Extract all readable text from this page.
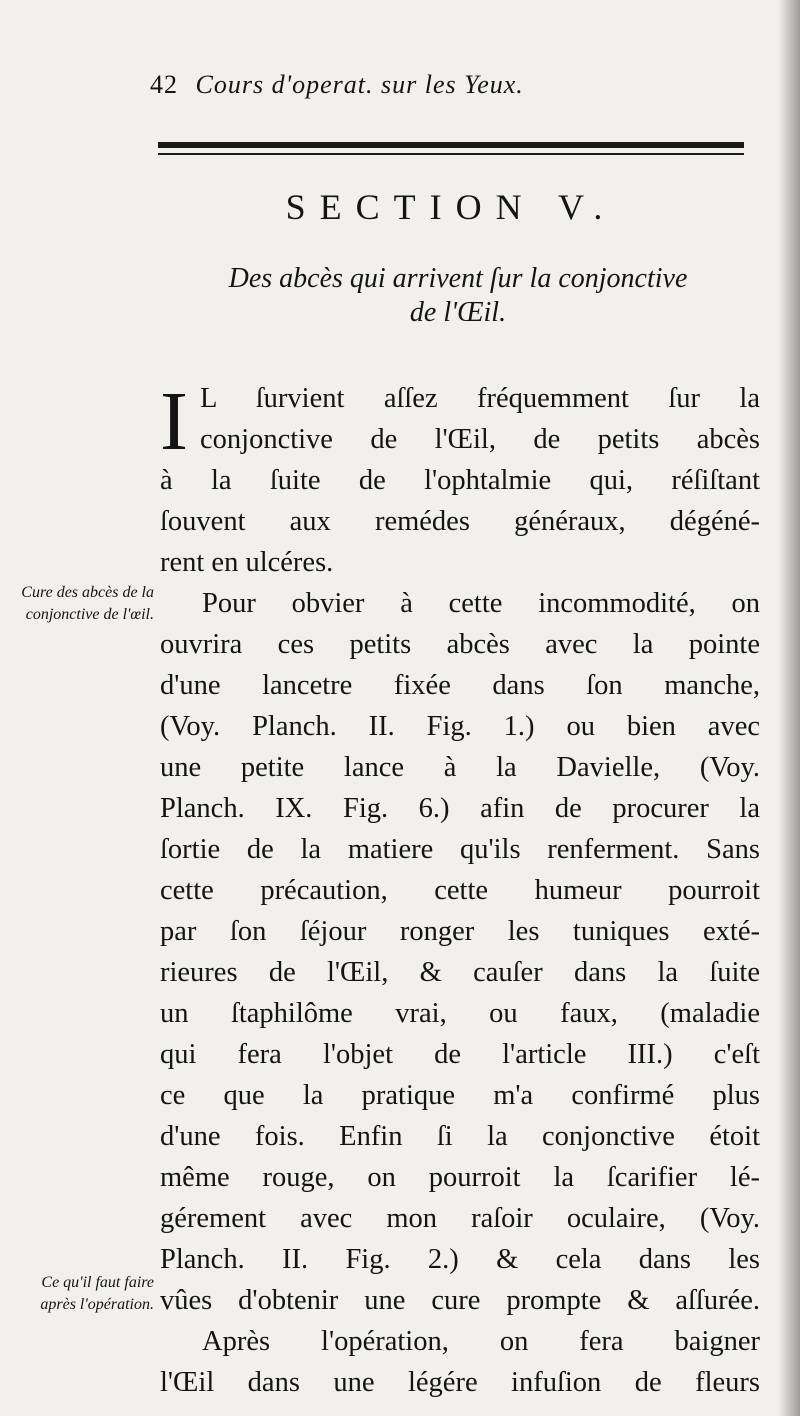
42 Cours d'operat. sur les Yeux.
SECTION V.
Des abcès qui arrivent ſur la conjonctive
de l'Œil.
I L ſurvient aſſez fréquemment ſur la
conjonctive de l'Œil, de petits abcès
à la ſuite de l'ophtalmie qui, réſiſtant
ſouvent aux remédes généraux, dégéné-
rent en ulcéres.
Pour obvier à cette incommodité, on
ouvrira ces petits abcès avec la pointe
d'une lancetre fixée dans ſon manche,
(Voy. Planch. II. Fig. 1.) ou bien avec
une petite lance à la Davielle, (Voy.
Planch. IX. Fig. 6.) afin de procurer la
ſortie de la matiere qu'ils renferment. Sans
cette précaution, cette humeur pourroit
par ſon ſéjour ronger les tuniques exté-
rieures de l'Œil, & cauſer dans la ſuite
un ſtaphilôme vrai, ou faux, (maladie
qui fera l'objet de l'article III.) c'eſt
ce que la pratique m'a confirmé plus
d'une fois. Enfin ſi la conjonctive étoit
même rouge, on pourroit la ſcarifier lé-
gérement avec mon raſoir oculaire, (Voy.
Planch. II. Fig. 2.) & cela dans les
vûes d'obtenir une cure prompte & aſſurée.
Après l'opération, on fera baigner
l'Œil dans une légére infuſion de fleurs
Cure des abcès de la conjonctive de l'œil.
Ce qu'il faut faire après l'opération.
